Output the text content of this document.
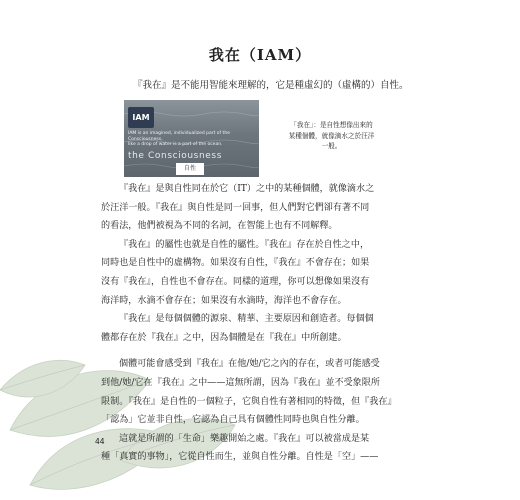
我在（IAM）
『我在』是不能用智能來理解的，它是種虛幻的（虛構的）自性。
IAM
IAM is an imagined, individualized part of the
Consciousness,
like a drop of water is a part of the ocean.
the Consciousness
自性
「我在」：是自性想像出來的
某種個體，就像滴水之於汪洋
一般。
『我在』是與自性同在於它（IT）之中的某種個體，就像滴水之
於汪洋一般。『我在』與自性是同一回事，但人們對它們卻有著不同
的看法，他們被視為不同的名詞，在智能上也有不同解釋。
『我在』的屬性也就是自性的屬性。『我在』存在於自性之中，
同時也是自性中的虛構物。如果沒有自性，『我在』不會存在；如果
沒有『我在』，自性也不會存在。同樣的道理，你可以想像如果沒有
海洋時，水滴不會存在；如果沒有水滴時，海洋也不會存在。
『我在』是每個個體的源泉、精華、主要原因和創造者。每個個
體都存在於『我在』之中，因為個體是在『我在』中所創建。
個體可能會感受到『我在』在他/她/它之內的存在，或者可能感受
到他/她/它在『我在』之中——這無所謂，因為『我在』並不受象限所
限制。『我在』是自性的一個粒子，它與自性有著相同的特徵，但『我在』
「認為」它並非自性，它認為自己具有個體性同時也與自性分離。
這就是所謂的「生命」樂趣開始之處。『我在』可以被當成是某
種「真實的事物」，它從自性而生，並與自性分離。自性是「空」——
44
